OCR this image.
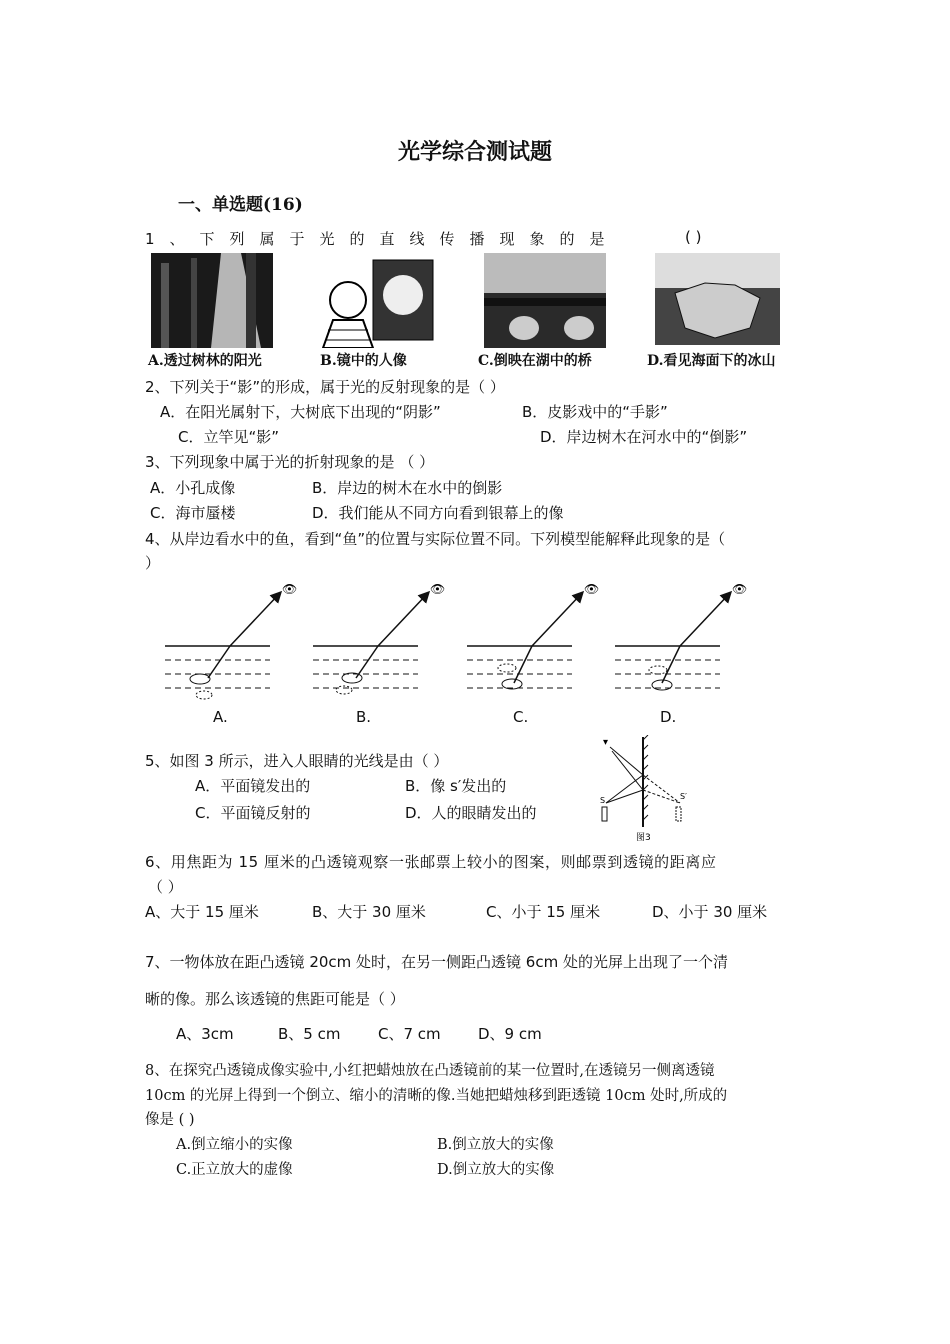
光学综合测试题
一、单选题(16)
1、下列属于光的直线传播现象的是	( )
A.透过树林的阳光	B.镜中的人像	C.倒映在湖中的桥	D.看见海面下的冰山
2、下列关于“影”的形成，属于光的反射现象的是（ ）
A．在阳光属射下，大树底下出现的“阴影”	B．皮影戏中的“手影”
C．立竿见“影”	D．岸边树木在河水中的“倒影”
3、下列现象中属于光的折射现象的是 （ ）
A．小孔成像	B．岸边的树木在水中的倒影
C．海市蜃楼	D．我们能从不同方向看到银幕上的像
4、从岸边看水中的鱼，看到“鱼”的位置与实际位置不同。下列模型能解释此现象的是（
）
👁	👁	👁	👁
A.	B.	C.	D.
5、如图 3 所示，进入人眼睛的光线是由（ ）
A．平面镜发出的	B．像 s′发出的
C．平面镜反射的	D．人的眼睛发出的
▾
S	S′
图3
6、用焦距为 15 厘米的凸透镜观察一张邮票上较小的图案，则邮票到透镜的距离应
（ ）
A、大于 15 厘米	B、大于 30 厘米	C、小于 15 厘米	D、小于 30 厘米
7、一物体放在距凸透镜 20cm 处时，在另一侧距凸透镜 6cm 处的光屏上出现了一个清
晰的像。那么该透镜的焦距可能是（ ）
A、3cm	B、5 cm	C、7 cm D、9 cm
8、在探究凸透镜成像实验中,小红把蜡烛放在凸透镜前的某一位置时,在透镜另一侧离透镜
10cm 的光屏上得到一个倒立、缩小的清晰的像.当她把蜡烛移到距透镜 10cm 处时,所成的
像是 ( )
A.倒立缩小的实像	B.倒立放大的实像
C.正立放大的虚像	D.倒立放大的实像
